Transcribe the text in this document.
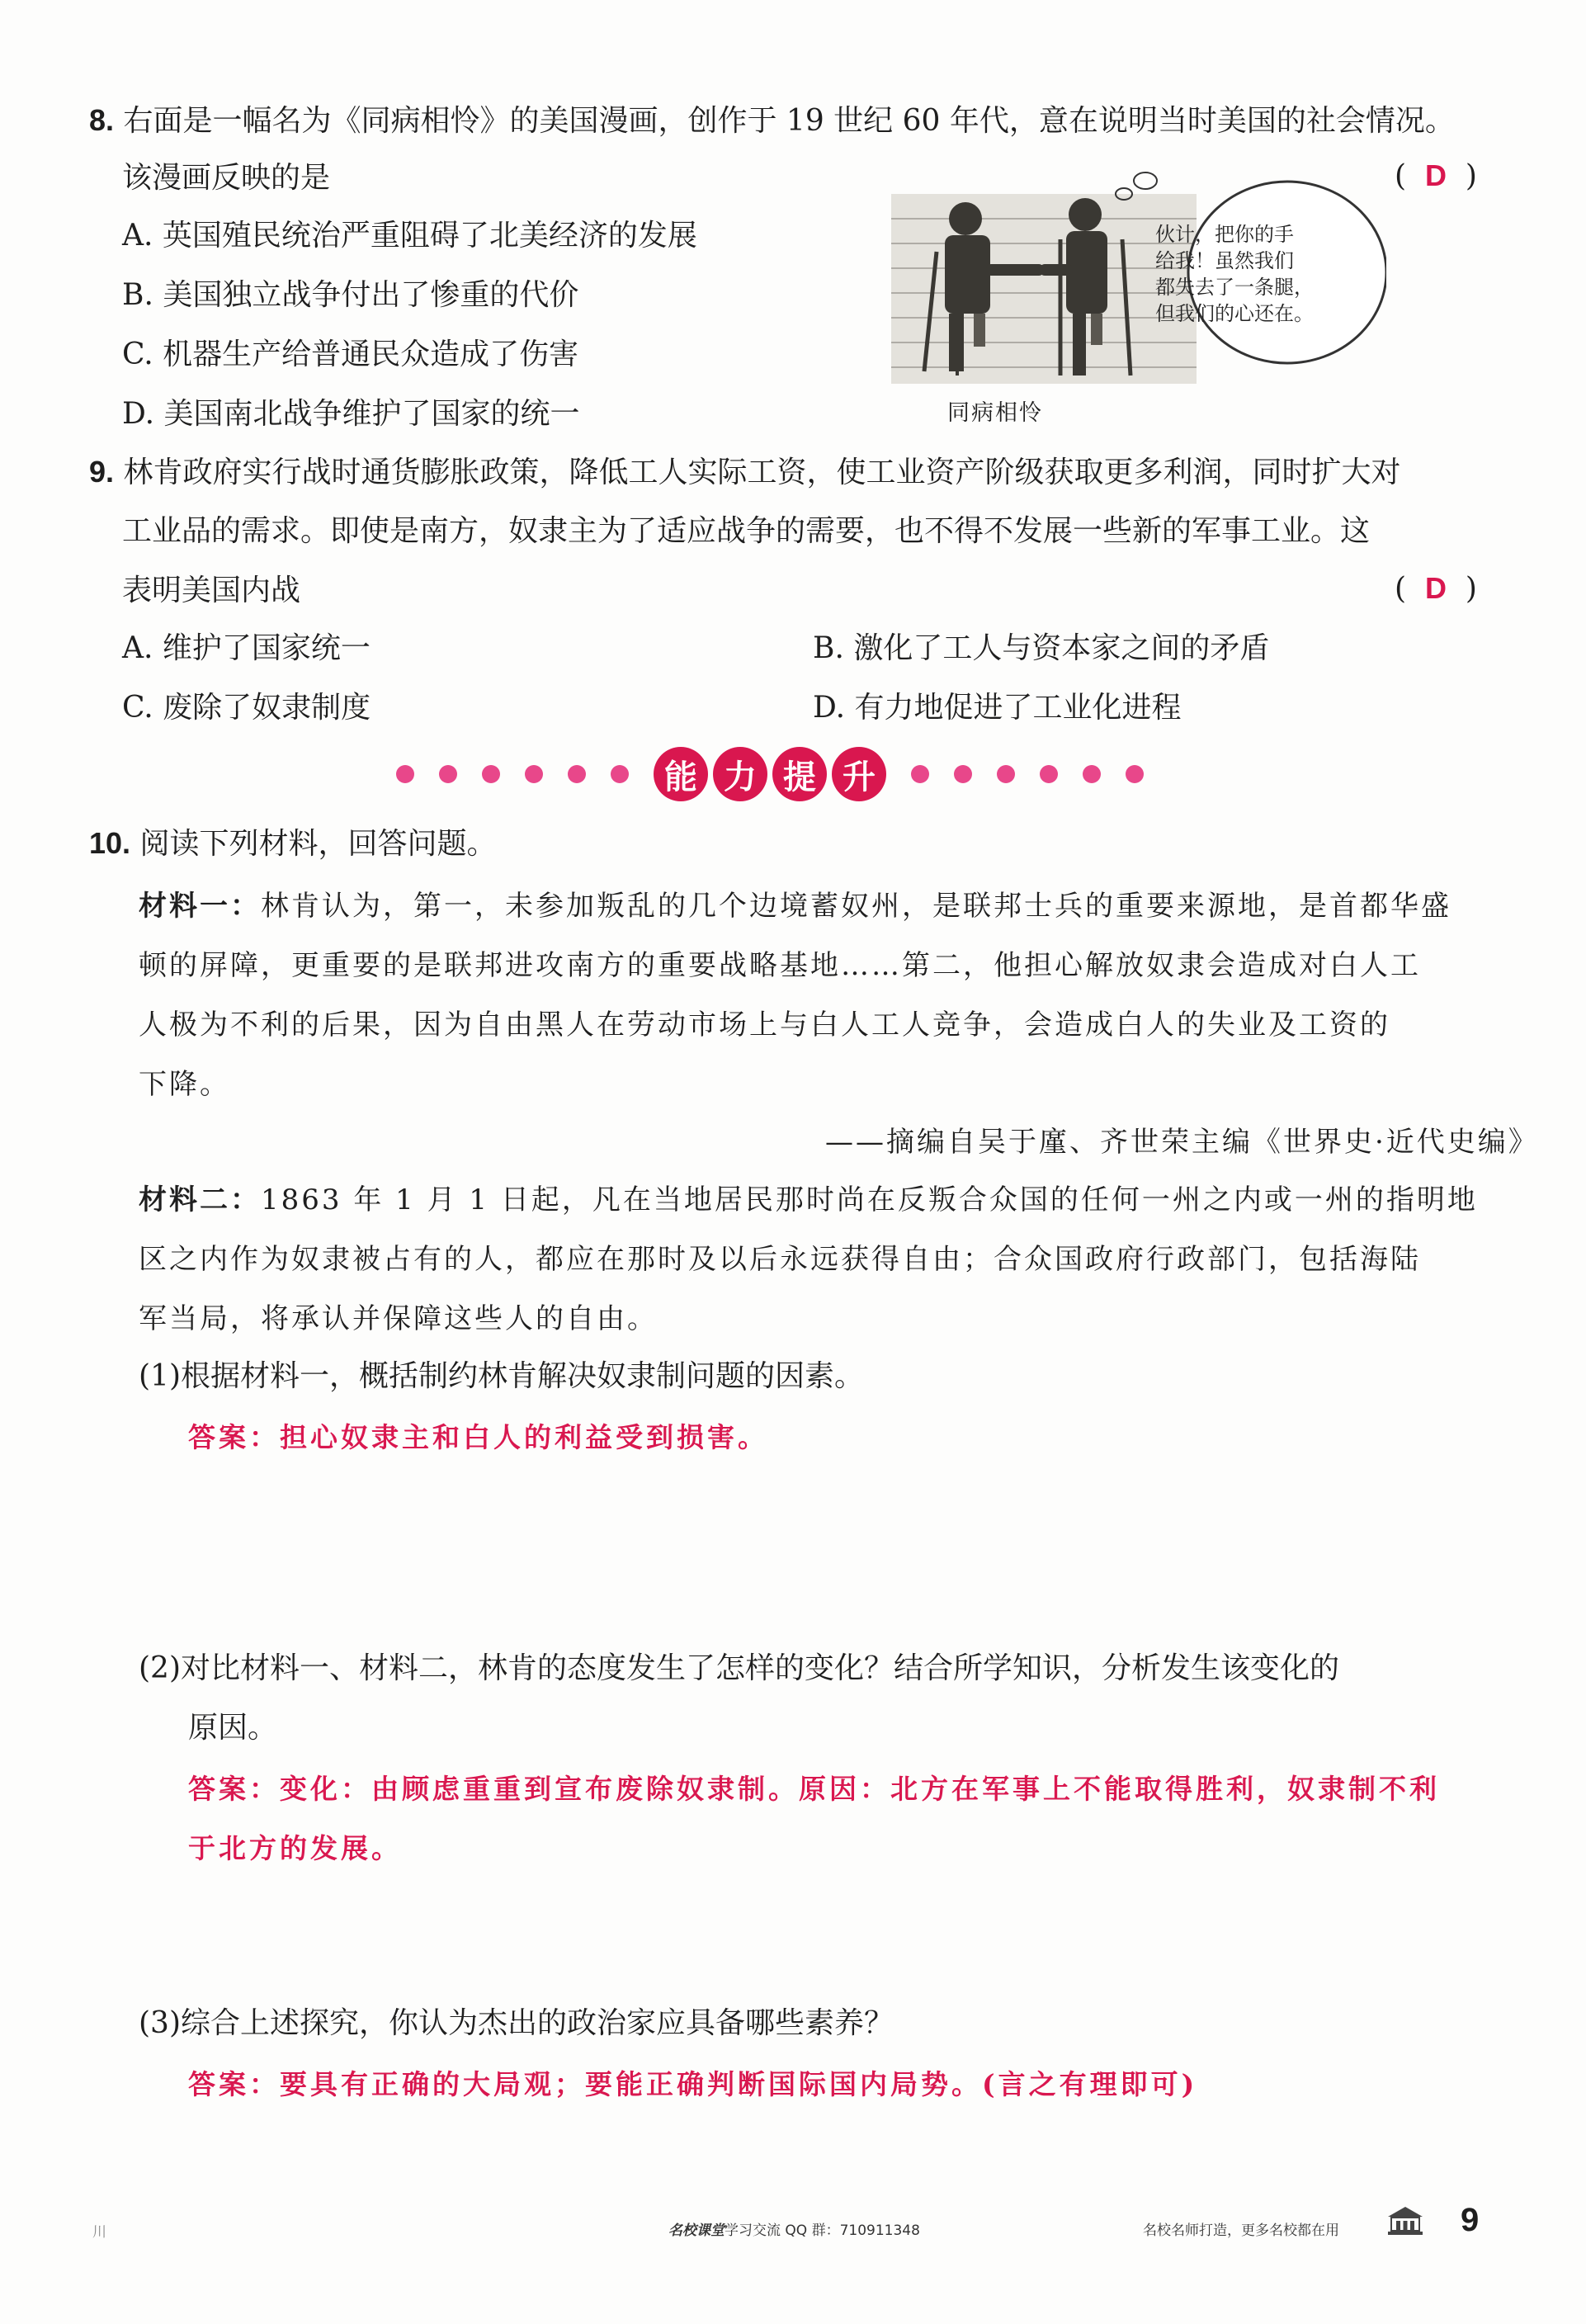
8. 右面是一幅名为《同病相怜》的美国漫画，创作于 19 世纪 60 年代，意在说明当时美国的社会情况。
该漫画反映的是	(  D  )
A. 英国殖民统治严重阻碍了北美经济的发展
B. 美国独立战争付出了惨重的代价
C. 机器生产给普通民众造成了伤害
D. 美国南北战争维护了国家的统一
伙计，把你的手
给我！虽然我们
都失去了一条腿，
但我们的心还在。
同病相怜
9. 林肯政府实行战时通货膨胀政策，降低工人实际工资，使工业资产阶级获取更多利润，同时扩大对
工业品的需求。即使是南方，奴隶主为了适应战争的需要，也不得不发展一些新的军事工业。这
表明美国内战	(  D  )
A. 维护了国家统一	B. 激化了工人与资本家之间的矛盾
C. 废除了奴隶制度	D. 有力地促进了工业化进程
能 力 提 升
10. 阅读下列材料，回答问题。
材料一：林肯认为，第一，未参加叛乱的几个边境蓄奴州，是联邦士兵的重要来源地，是首都华盛
顿的屏障，更重要的是联邦进攻南方的重要战略基地……第二，他担心解放奴隶会造成对白人工
人极为不利的后果，因为自由黑人在劳动市场上与白人工人竞争，会造成白人的失业及工资的
下降。
——摘编自吴于廑、齐世荣主编《世界史·近代史编》
材料二：1863 年 1 月 1 日起，凡在当地居民那时尚在反叛合众国的任何一州之内或一州的指明地
区之内作为奴隶被占有的人，都应在那时及以后永远获得自由；合众国政府行政部门，包括海陆
军当局，将承认并保障这些人的自由。
(1)根据材料一，概括制约林肯解决奴隶制问题的因素。
答案：担心奴隶主和白人的利益受到损害。
(2)对比材料一、材料二，林肯的态度发生了怎样的变化？结合所学知识，分析发生该变化的
原因。
答案：变化：由顾虑重重到宣布废除奴隶制。原因：北方在军事上不能取得胜利，奴隶制不利
于北方的发展。
(3)综合上述探究，你认为杰出的政治家应具备哪些素养？
答案：要具有正确的大局观；要能正确判断国际国内局势。(言之有理即可)
川	名校课堂学习交流 QQ 群：710911348	名校名师打造，更多名校都在用	9
